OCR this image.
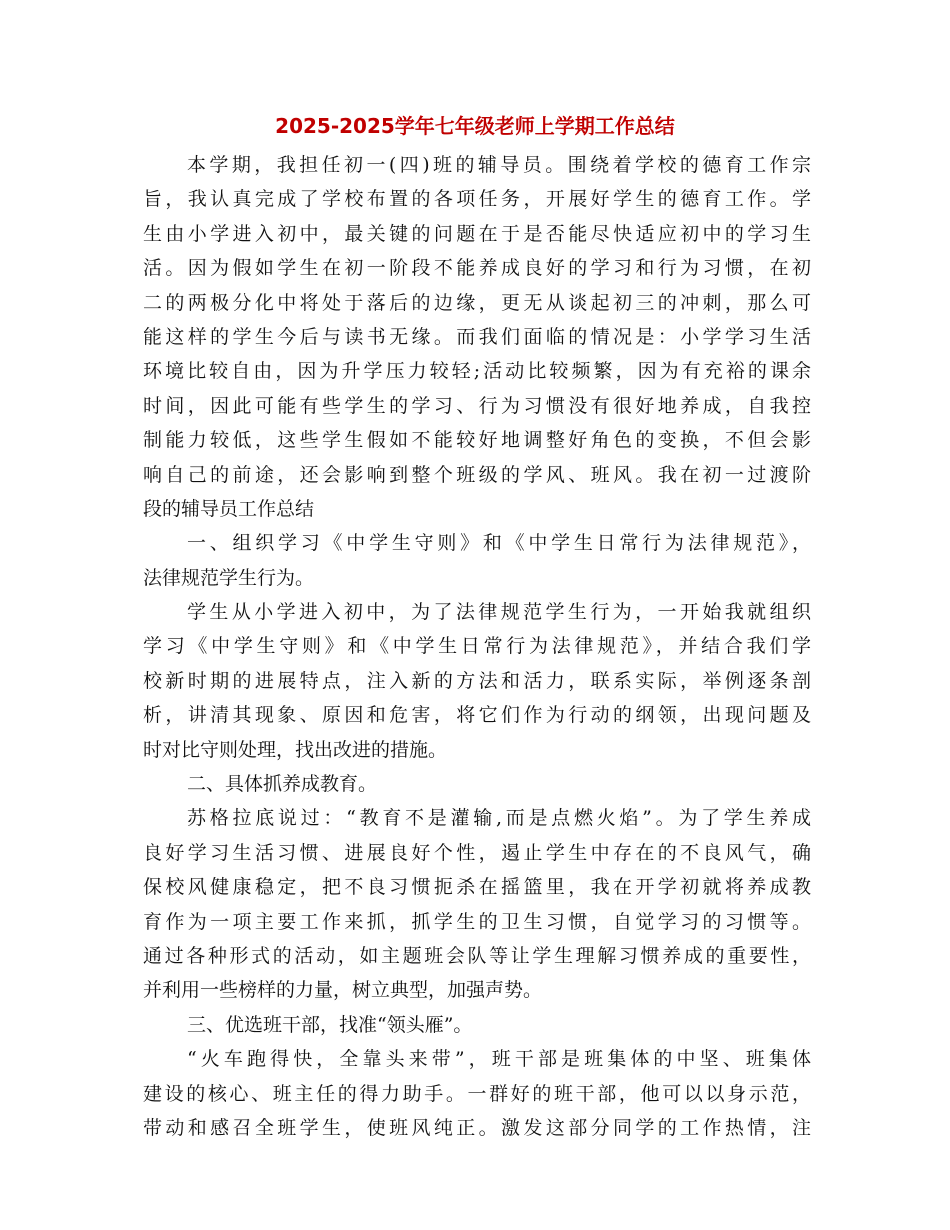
2025-2025学年七年级老师上学期工作总结
本学期，我担任初一(四)班的辅导员。围绕着学校的德育工作宗
旨，我认真完成了学校布置的各项任务，开展好学生的德育工作。学
生由小学进入初中，最关键的问题在于是否能尽快适应初中的学习生
活。因为假如学生在初一阶段不能养成良好的学习和行为习惯，在初
二的两极分化中将处于落后的边缘，更无从谈起初三的冲刺，那么可
能这样的学生今后与读书无缘。而我们面临的情况是：小学学习生活
环境比较自由，因为升学压力较轻;活动比较频繁，因为有充裕的课余
时间，因此可能有些学生的学习、行为习惯没有很好地养成，自我控
制能力较低，这些学生假如不能较好地调整好角色的变换，不但会影
响自己的前途，还会影响到整个班级的学风、班风。我在初一过渡阶
段的辅导员工作总结
一、组织学习《中学生守则》和《中学生日常行为法律规范》，
法律规范学生行为。
学生从小学进入初中，为了法律规范学生行为，一开始我就组织
学习《中学生守则》和《中学生日常行为法律规范》，并结合我们学
校新时期的进展特点，注入新的方法和活力，联系实际，举例逐条剖
析，讲清其现象、原因和危害，将它们作为行动的纲领，出现问题及
时对比守则处理，找出改进的措施。
二、具体抓养成教育。
苏格拉底说过：“教育不是灌输,而是点燃火焰”。为了学生养成
良好学习生活习惯、进展良好个性，遏止学生中存在的不良风气，确
保校风健康稳定，把不良习惯扼杀在摇篮里，我在开学初就将养成教
育作为一项主要工作来抓，抓学生的卫生习惯，自觉学习的习惯等。
通过各种形式的活动，如主题班会队等让学生理解习惯养成的重要性，
并利用一些榜样的力量，树立典型，加强声势。
三、优选班干部，找准“领头雁”。
“火车跑得快，全靠头来带”，班干部是班集体的中坚、班集体
建设的核心、班主任的得力助手。一群好的班干部，他可以以身示范，
带动和感召全班学生，使班风纯正。激发这部分同学的工作热情，注
